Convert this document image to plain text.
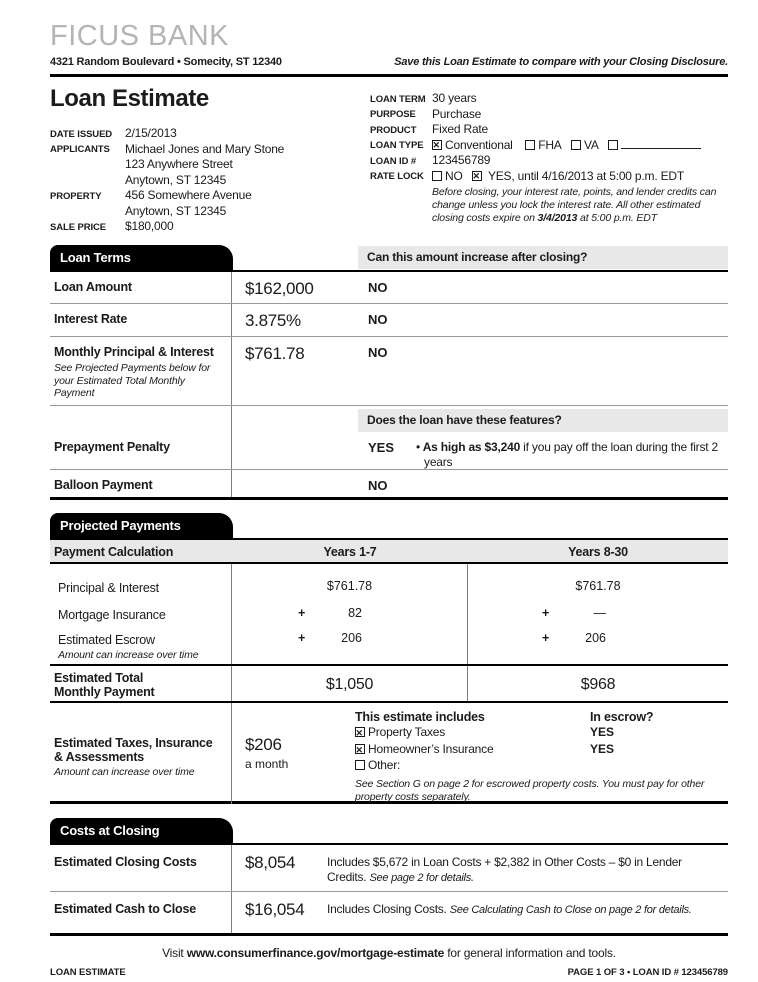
FICUS BANK
4321 Random Boulevard • Somecity, ST 12340	Save this Loan Estimate to compare with your Closing Disclosure.
Loan Estimate
DATE ISSUED	2/15/2013
APPLICANTS	Michael Jones and Mary Stone
123 Anywhere Street
Anytown, ST 12345
PROPERTY	456 Somewhere Avenue
Anytown, ST 12345
SALE PRICE	$180,000
LOAN TERM 30 years
PURPOSE	Purchase
PRODUCT	Fixed Rate
LOAN TYPE ✕	Conventional FHA VA
LOAN ID #	123456789
RATE LOCK	NO ✕ YES, until 4/16/2013 at 5:00 p.m. EDT
Before closing, your interest rate, points, and lender credits can change unless you lock the interest rate. All other estimated closing costs expire on 3/4/2013 at 5:00 p.m. EDT
Loan Terms	Can this amount increase after closing?
Loan Amount	$162,000	NO
Interest Rate	3.875%	NO
Monthly Principal & Interest
See Projected Payments below for your Estimated Total Monthly Payment
$761.78	NO
Does the loan have these features?
Prepayment Penalty	YES • As high as $3,240 if you pay off the loan during the first 2 years
Balloon Payment	NO
Projected Payments
Payment Calculation	Years 1-7	Years 8-30
Principal & Interest	$761.78	$761.78
Mortgage Insurance	+	82	+	—
Estimated Escrow
Amount can increase over time
+	206	+	206
Estimated Total
Monthly Payment	$1,050	$968
Estimated Taxes, Insurance
& Assessments
Amount can increase over time
$206
a month
This estimate includes	In escrow?
✕Property Taxes	YES
✕Homeowner’s Insurance	YES
Other:
See Section G on page 2 for escrowed property costs. You must pay for other property costs separately.
Costs at Closing
Estimated Closing Costs	$8,054	Includes $5,672 in Loan Costs + $2,382 in Other Costs – $0 in Lender Credits. See page 2 for details.
Estimated Cash to Close	$16,054	Includes Closing Costs. See Calculating Cash to Close on page 2 for details.
Visit www.consumerfinance.gov/mortgage-estimate for general information and tools.
LOAN ESTIMATE	PAGE 1 OF 3 • LOAN ID # 123456789
